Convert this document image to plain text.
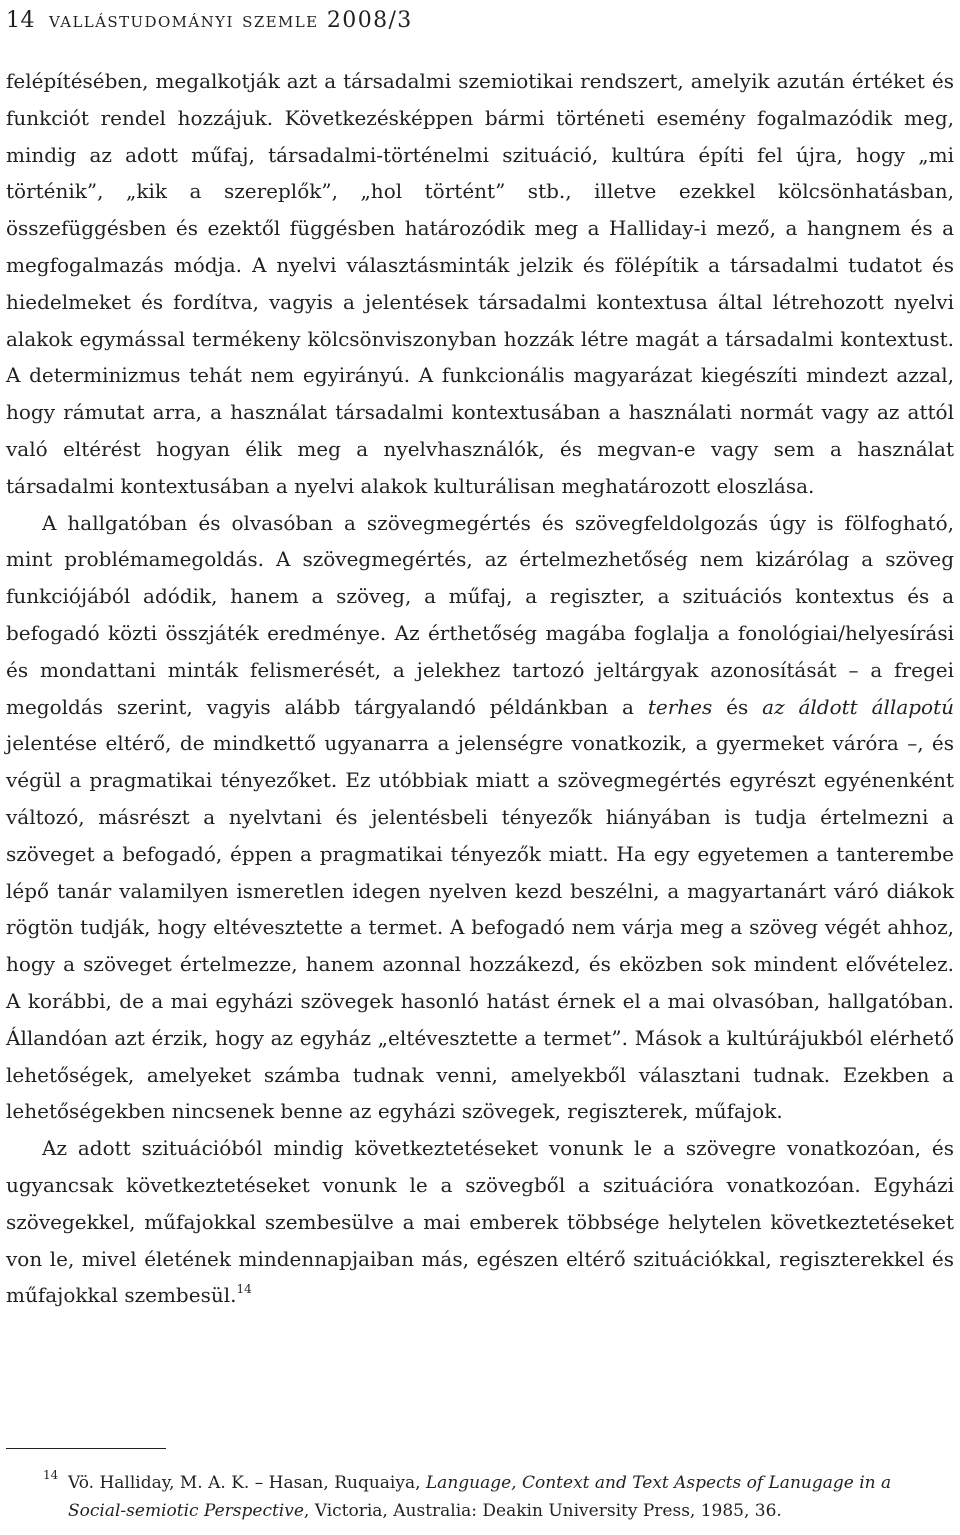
14 vallástudományi szemle 2008/3

felépítésében, megalkotják azt a társadalmi szemiotikai rendszert, amelyik azután értéket és funkciót rendel hozzájuk. Következésképpen bármi történeti esemény fogalmazódik meg, mindig az adott műfaj, társadalmi-történelmi szituáció, kultúra építi fel újra, hogy „mi történik”, „kik a szereplők”, „hol történt” stb., illetve ezekkel kölcsönhatásban, összefüggésben és ezektől függésben határozódik meg a Halliday-i mező, a hangnem és a megfogalmazás módja. A nyelvi választásminták jelzik és fölépítik a társadalmi tudatot és hiedelmeket és fordítva, vagyis a jelentések társadalmi kontextusa által létrehozott nyelvi alakok egymással termékeny kölcsönviszonyban hozzák létre magát a társadalmi kontextust. A determinizmus tehát nem egyirányú. A funkcionális magyarázat kiegészíti mindezt azzal, hogy rámutat arra, a használat társadalmi kontextusában a használati normát vagy az attól való eltérést hogyan élik meg a nyelvhasználók, és megvan-e vagy sem a használat társadalmi kontextusában a nyelvi alakok kulturálisan meghatározott eloszlása.

A hallgatóban és olvasóban a szövegmegértés és szövegfeldolgozás úgy is fölfogható, mint problémamegoldás. A szövegmegértés, az értelmezhetőség nem kizárólag a szöveg funkciójából adódik, hanem a szöveg, a műfaj, a regiszter, a szituációs kontextus és a befogadó közti összjáték eredménye. Az érthetőség magába foglalja a fonológiai/helyesírási és mondattani minták felismerését, a jelekhez tartozó jeltárgyak azonosítását – a fregei megoldás szerint, vagyis alább tárgyalandó példánkban a terhes és az áldott állapotú jelentése eltérő, de mindkettő ugyanarra a jelenségre vonatkozik, a gyermeket váróra –, és végül a pragmatikai tényezőket. Ez utóbbiak miatt a szövegmegértés egyrészt egyénenként változó, másrészt a nyelvtani és jelentésbeli tényezők hiányában is tudja értelmezni a szöveget a befogadó, éppen a pragmatikai tényezők miatt. Ha egy egyetemen a tanterembe lépő tanár valamilyen ismeretlen idegen nyelven kezd beszélni, a magyartanárt váró diákok rögtön tudják, hogy eltévesztette a termet. A befogadó nem várja meg a szöveg végét ahhoz, hogy a szöveget értelmezze, hanem azonnal hozzákezd, és eközben sok mindent elővételez. A korábbi, de a mai egyházi szövegek hasonló hatást érnek el a mai olvasóban, hallgatóban. Állandóan azt érzik, hogy az egyház „eltévesztette a termet”. Mások a kultúrájukból elérhető lehetőségek, amelyeket számba tudnak venni, amelyekből választani tudnak. Ezekben a lehetőségekben nincsenek benne az egyházi szövegek, regiszterek, műfajok.

Az adott szituációból mindig következtetéseket vonunk le a szövegre vonatkozóan, és ugyancsak következtetéseket vonunk le a szövegből a szituációra vonatkozóan. Egyházi szövegekkel, műfajokkal szembesülve a mai emberek többsége helytelen következtetéseket von le, mivel életének mindennapjaiban más, egészen eltérő szituációkkal, regiszterekkel és műfajokkal szembesül.$^{14}$

14 Vö. Halliday, M. A. K. – Hasan, Ruquaiya, Language, Context and Text Aspects of Lanugage in a Social-semiotic Perspective, Victoria, Australia: Deakin University Press, 1985, 36.
